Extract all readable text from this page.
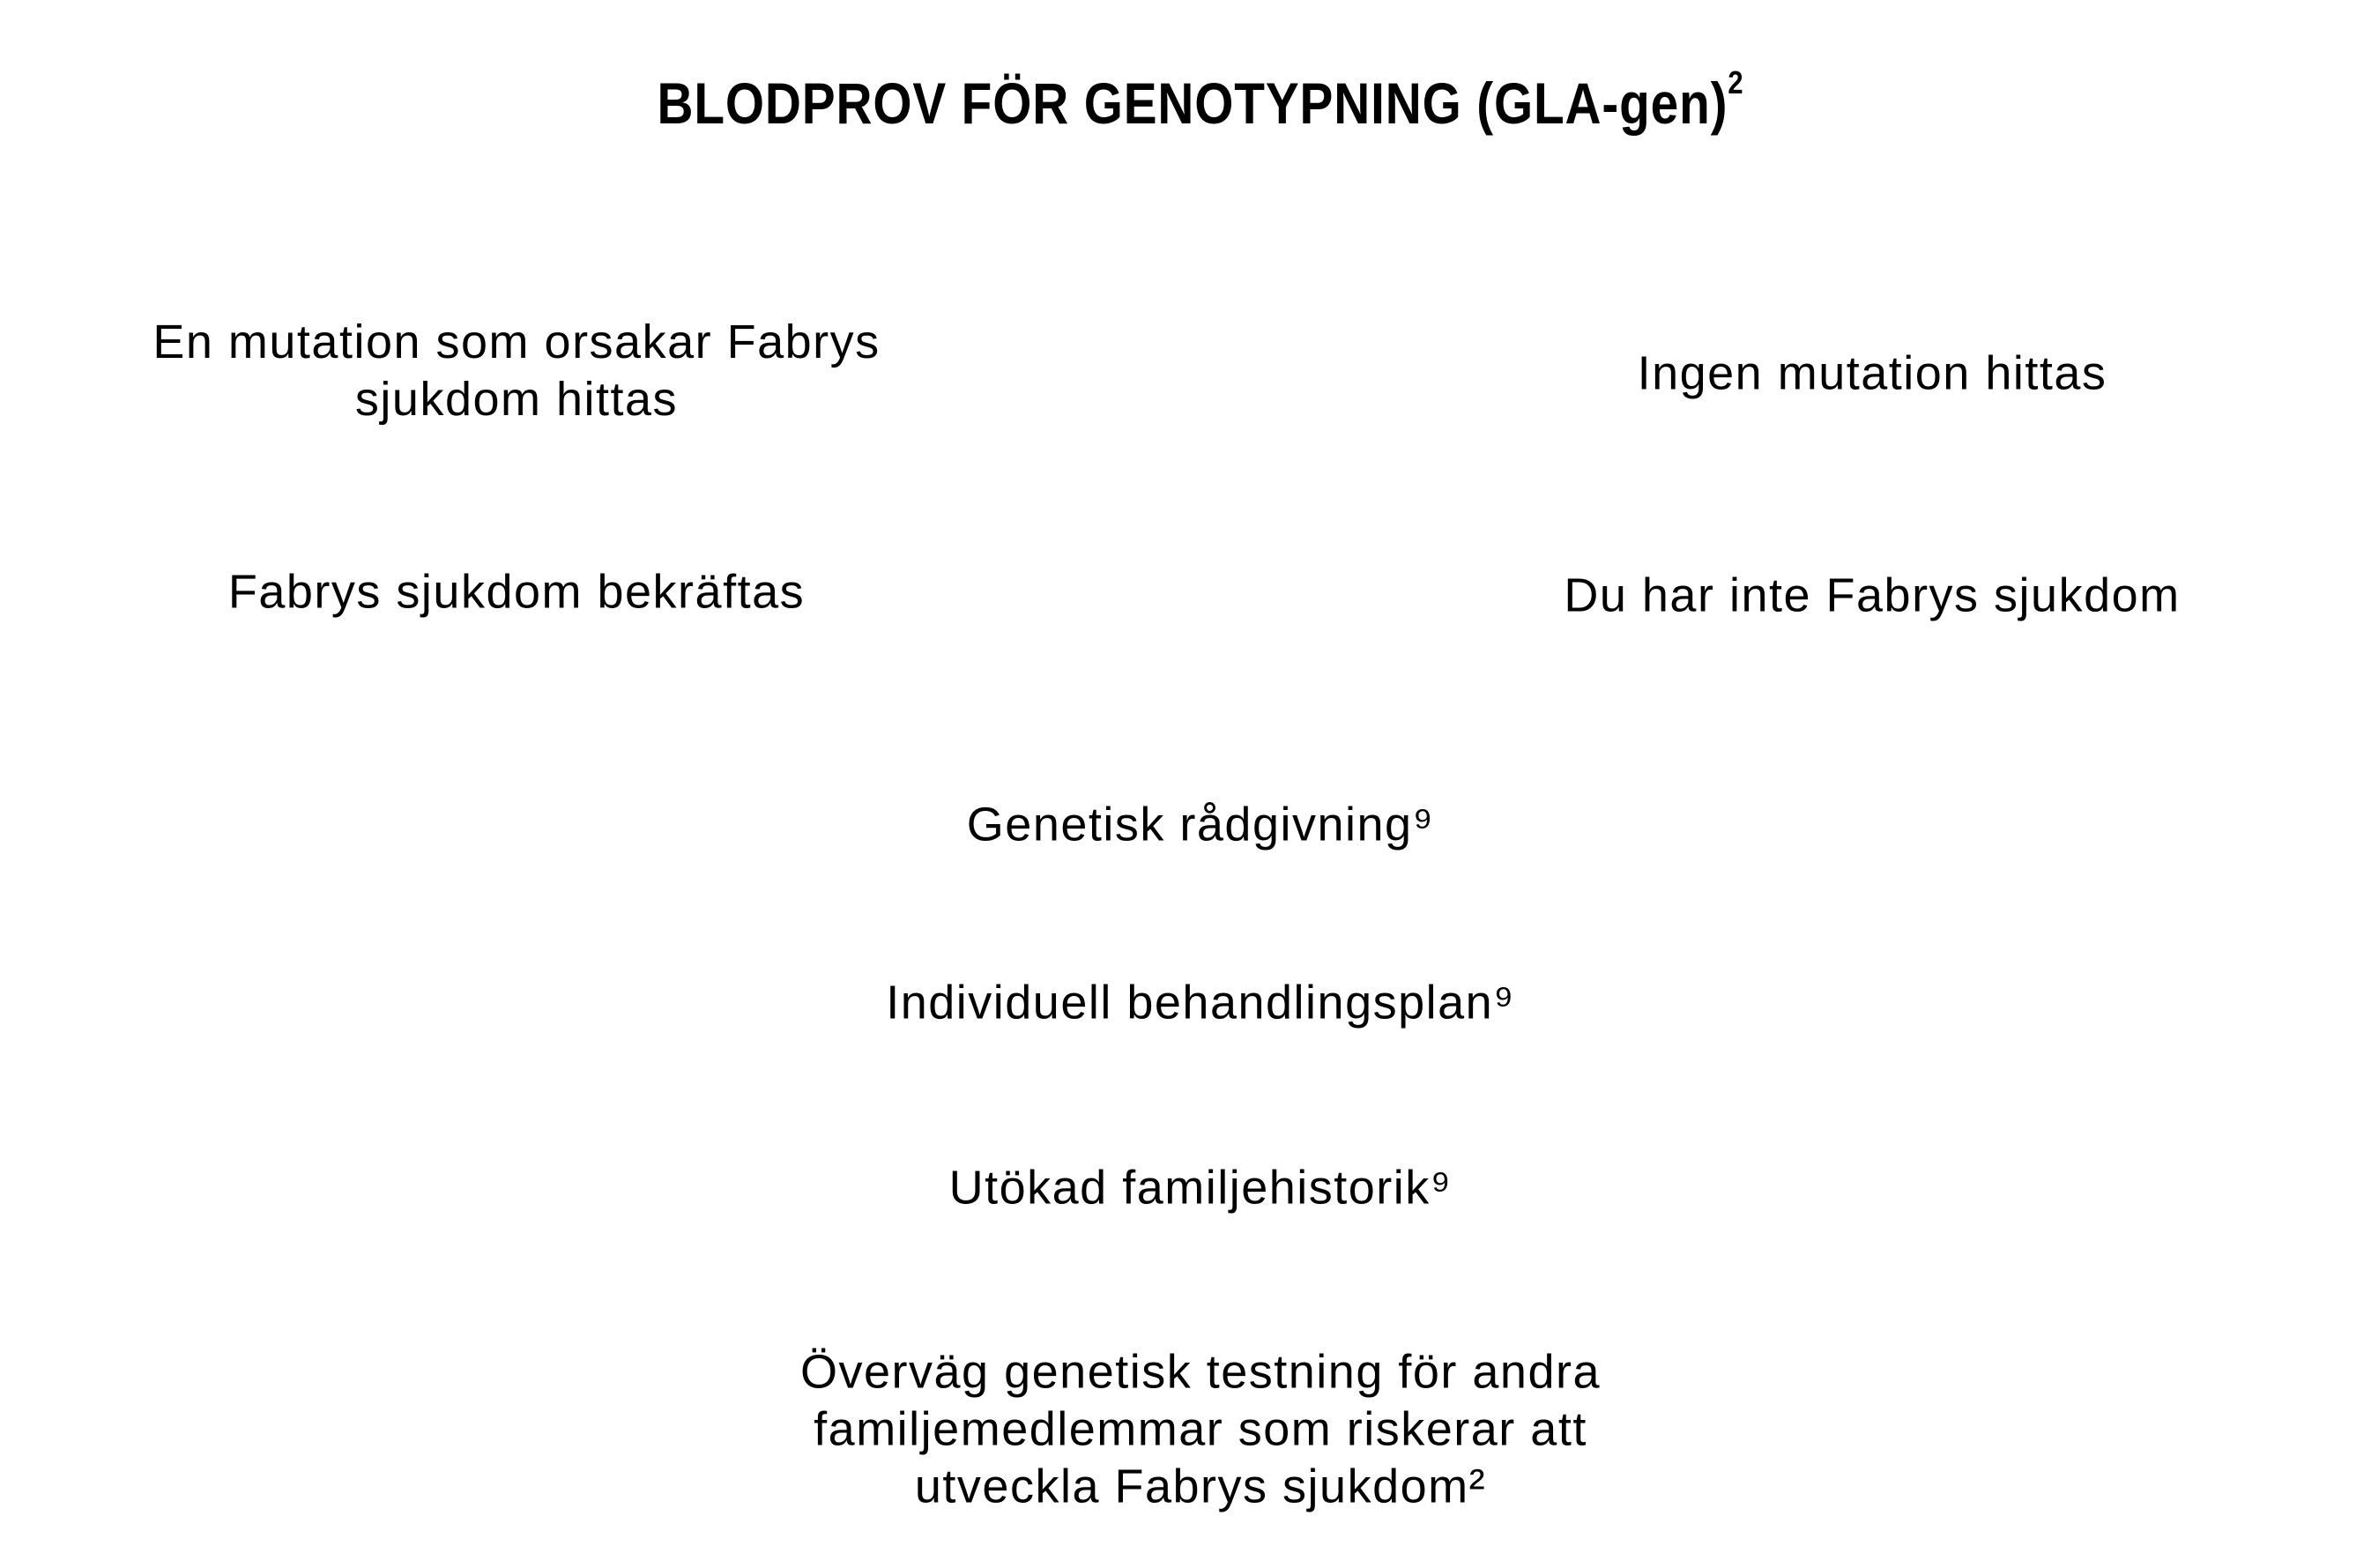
BLODPROV FÖR GENOTYPNING $(GLA-gen)^2$
En mutation som orsakar Fabrys
sjukdom hittas
Fabrys sjukdom bekräftas
Ingen mutation hittas
Du har inte Fabrys sjukdom
Genetisk rådgivning⁹
Individuell behandlingsplan⁹
Utökad familjehistorik⁹
Överväg genetisk testning för andra
familjemedlemmar som riskerar att
utveckla Fabrys sjukdom²
